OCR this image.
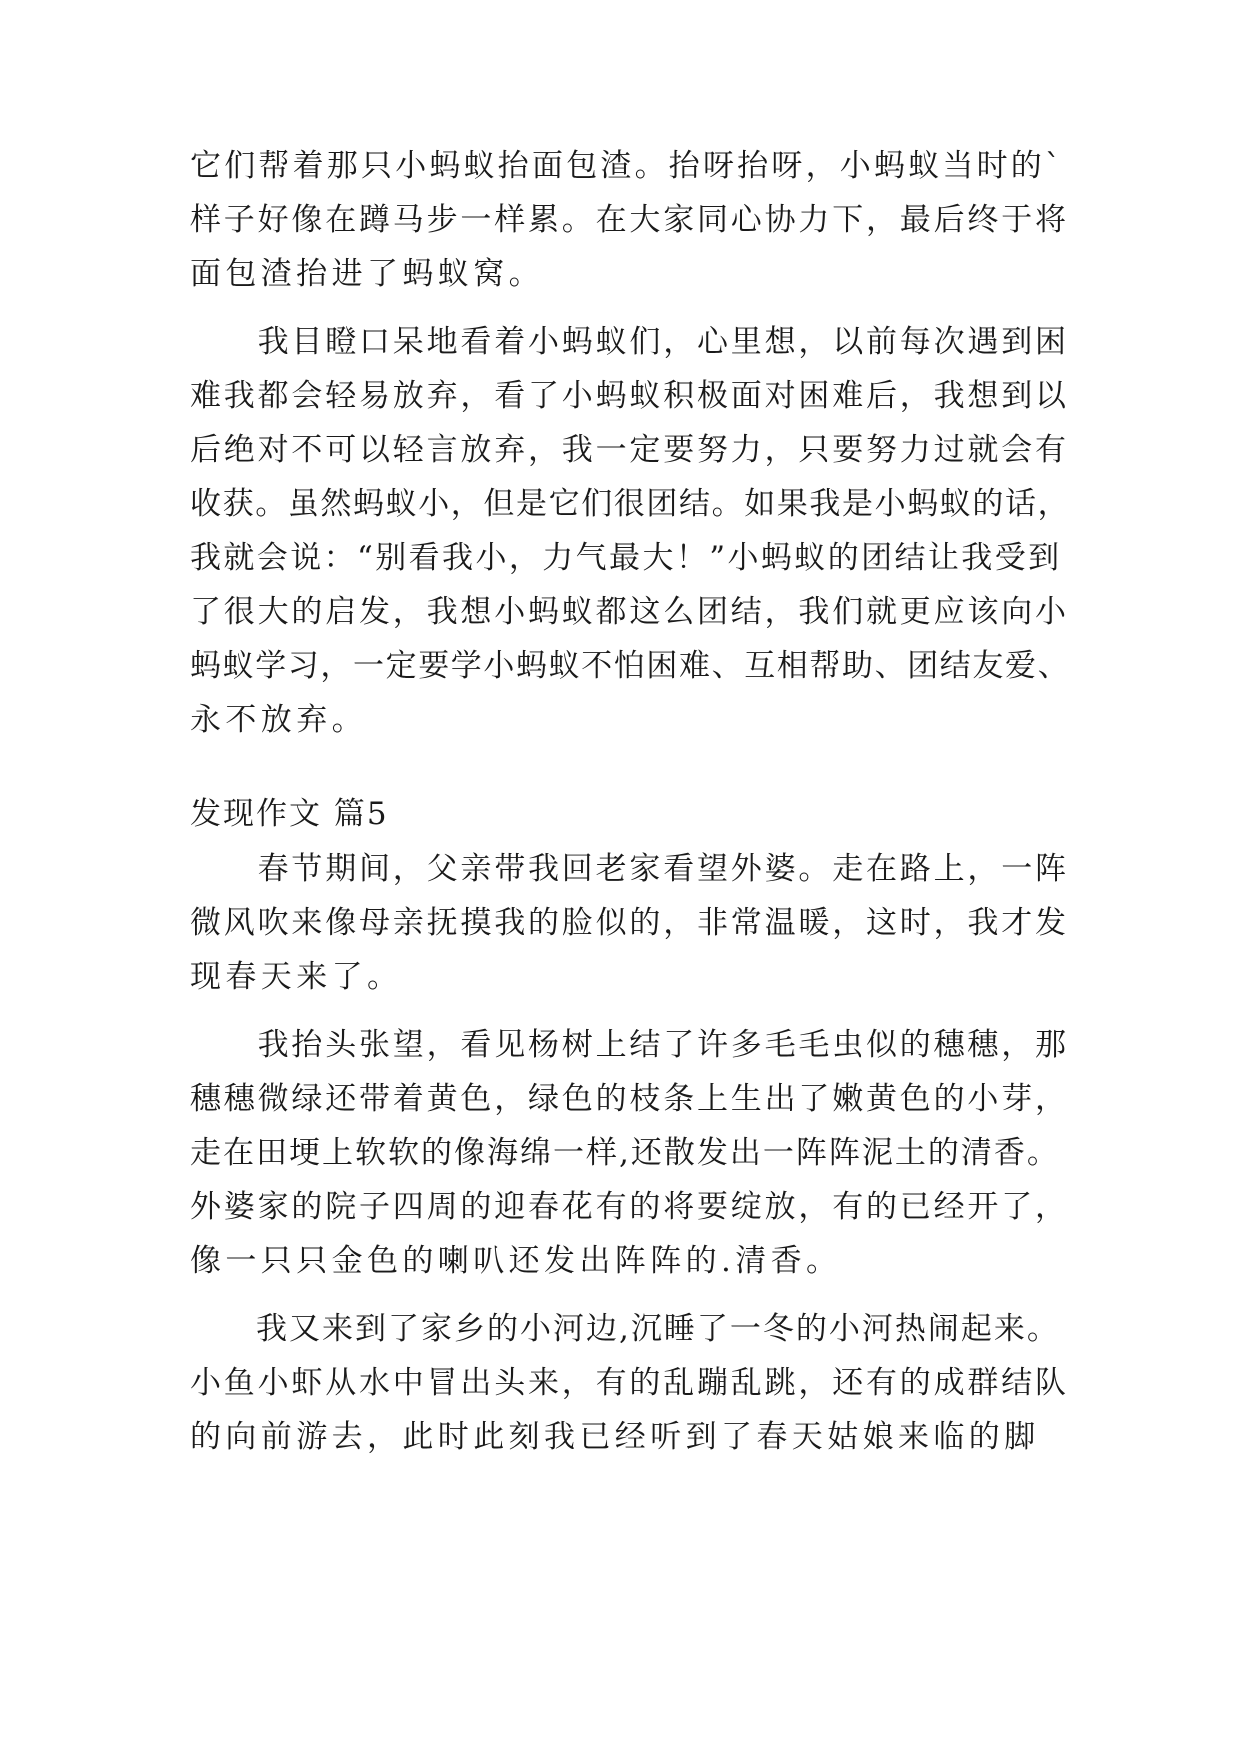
它们帮着那只小蚂蚁抬面包渣。抬呀抬呀，小蚂蚁当时的`
样子好像在蹲马步一样累。在大家同心协力下，最后终于将
面包渣抬进了蚂蚁窝。
　　我目瞪口呆地看着小蚂蚁们，心里想，以前每次遇到困
难我都会轻易放弃，看了小蚂蚁积极面对困难后，我想到以
后绝对不可以轻言放弃，我一定要努力，只要努力过就会有
收获。虽然蚂蚁小，但是它们很团结。如果我是小蚂蚁的话，
我就会说：“别看我小，力气最大！”小蚂蚁的团结让我受到
了很大的启发，我想小蚂蚁都这么团结，我们就更应该向小
蚂蚁学习，一定要学小蚂蚁不怕困难、互相帮助、团结友爱、
永不放弃。
发现作文 篇5
　　春节期间，父亲带我回老家看望外婆。走在路上，一阵
微风吹来像母亲抚摸我的脸似的，非常温暖，这时，我才发
现春天来了。
　　我抬头张望，看见杨树上结了许多毛毛虫似的穗穗，那
穗穗微绿还带着黄色，绿色的枝条上生出了嫩黄色的小芽，
走在田埂上软软的像海绵一样,还散发出一阵阵泥土的清香。
外婆家的院子四周的迎春花有的将要绽放，有的已经开了，
像一只只金色的喇叭还发出阵阵的.清香。
　　我又来到了家乡的小河边,沉睡了一冬的小河热闹起来。
小鱼小虾从水中冒出头来，有的乱蹦乱跳，还有的成群结队
的向前游去，此时此刻我已经听到了春天姑娘来临的脚
